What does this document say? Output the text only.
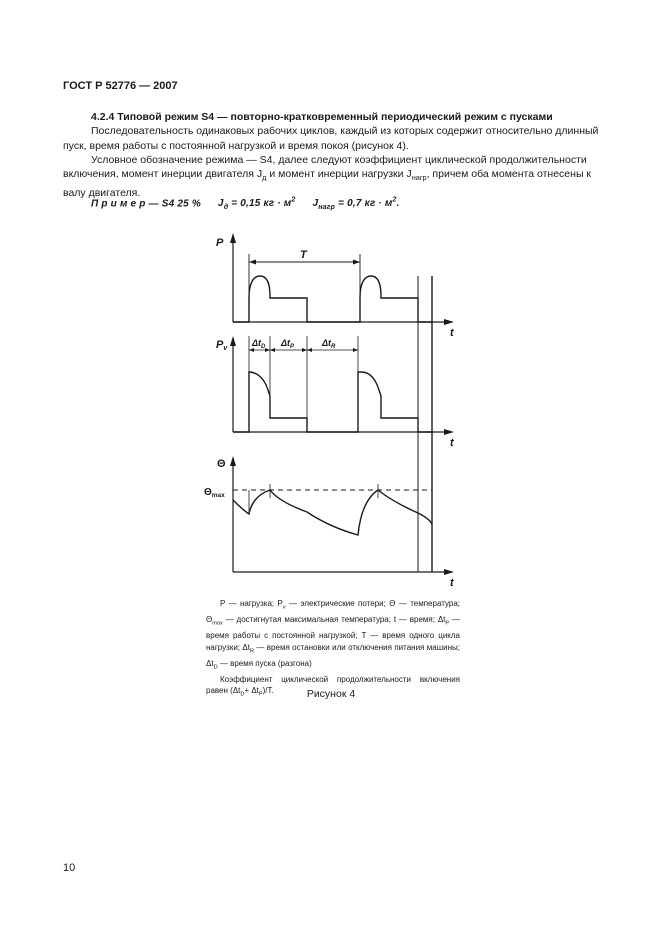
ГОСТ Р 52776 — 2007
4.2.4 Типовой режим S4 — повторно-кратковременный периодический режим с пусками
Последовательность одинаковых рабочих циклов, каждый из которых содержит относительно длинный пуск, время работы с постоянной нагрузкой и время покоя (рисунок 4).
Условное обозначение режима — S4, далее следуют коэффициент циклической продолжительности включения, момент инерции двигателя $J_д$ и момент инерции нагрузки $J_{нагр}$, причем оба момента отнесены к валу двигателя.
П р и м е р — S4 25 % $J_д = 0,15$ кг · $м^2$ $J_{нагр} = 0,7$ кг · $м^2$.
P
t
T
Pv
t
$\Delta t_D$ $\Delta t_P$	$\Delta t_R$
Θ
$\Theta_{max}$
t
P — нагрузка; $P_v$ — электрические потери; Θ — температура; $\Theta_{max}$ — достигнутая максимальная температура; t — время; $\Delta t_P$ — время работы с постоянной нагрузкой; T — время одного цикла нагрузки; $\Delta t_R$ — время остановки или отключения питания машины; $\Delta t_D$ — время пуска (разгона)
Коэффициент циклической продолжительности включения равен $(\Delta t_D+ \Delta t_P)/T$.	Рисунок 4
10
